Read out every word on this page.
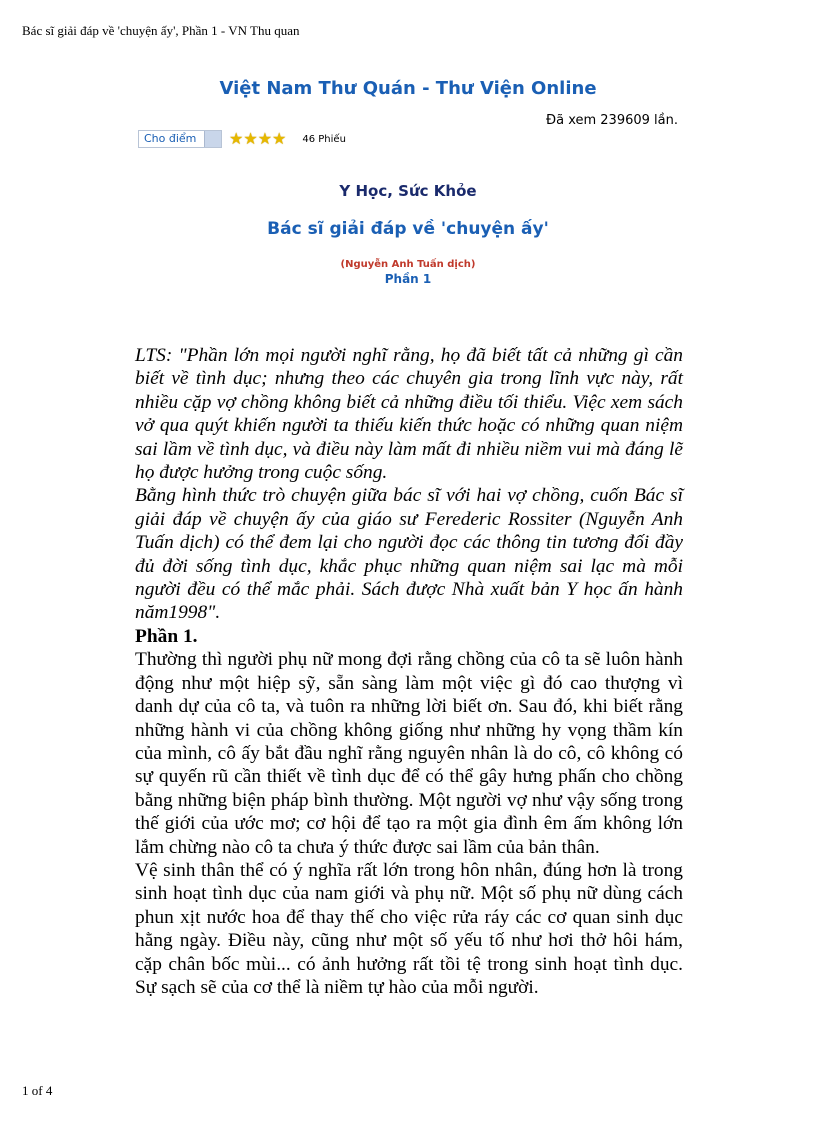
Bác sĩ giải đáp về 'chuyện ấy', Phần 1 - VN Thu quan
Việt Nam Thư Quán - Thư Viện Online
Đã xem 239609 lần.
Cho điểm	★ ★ ★ ★ 46 Phiếu
Y Học, Sức Khỏe
Bác sĩ giải đáp về 'chuyện ấy'
(Nguyễn Anh Tuấn dịch)
Phần 1

LTS: "Phần lớn mọi người nghĩ rằng, họ đã biết tất cả những gì cần biết về tình dục; nhưng theo các chuyên gia trong lĩnh vực này, rất nhiều cặp vợ chồng không biết cả những điều tối thiểu. Việc xem sách vở qua quýt khiến người ta thiếu kiến thức hoặc có những quan niệm sai lầm về tình dục, và điều này làm mất đi nhiều niềm vui mà đáng lẽ họ được hưởng trong cuộc sống.

Bằng hình thức trò chuyện giữa bác sĩ với hai vợ chồng, cuốn Bác sĩ giải đáp về chuyện ấy của giáo sư Ferederic Rossiter (Nguyễn Anh Tuấn dịch) có thể đem lại cho người đọc các thông tin tương đối đầy đủ đời sống tình dục, khắc phục những quan niệm sai lạc mà mỗi người đều có thể mắc phải. Sách được Nhà xuất bản Y học ấn hành năm1998".

Phần 1.

Thường thì người phụ nữ mong đợi rằng chồng của cô ta sẽ luôn hành động như một hiệp sỹ, sẵn sàng làm một việc gì đó cao thượng vì danh dự của cô ta, và tuôn ra những lời biết ơn. Sau đó, khi biết rằng những hành vi của chồng không giống như những hy vọng thầm kín của mình, cô ấy bắt đầu nghĩ rằng nguyên nhân là do cô, cô không có sự quyến rũ cần thiết về tình dục để có thể gây hưng phấn cho chồng bằng những biện pháp bình thường. Một người vợ như vậy sống trong thế giới của ước mơ; cơ hội để tạo ra một gia đình êm ấm không lớn lắm chừng nào cô ta chưa ý thức được sai lầm của bản thân.

Vệ sinh thân thể có ý nghĩa rất lớn trong hôn nhân, đúng hơn là trong sinh hoạt tình dục của nam giới và phụ nữ. Một số phụ nữ dùng cách phun xịt nước hoa để thay thế cho việc rửa ráy các cơ quan sinh dục hằng ngày. Điều này, cũng như một số yếu tố như hơi thở hôi hám, cặp chân bốc mùi... có ảnh hưởng rất tồi tệ trong sinh hoạt tình dục. Sự sạch sẽ của cơ thể là niềm tự hào của mỗi người.

1 of 4
